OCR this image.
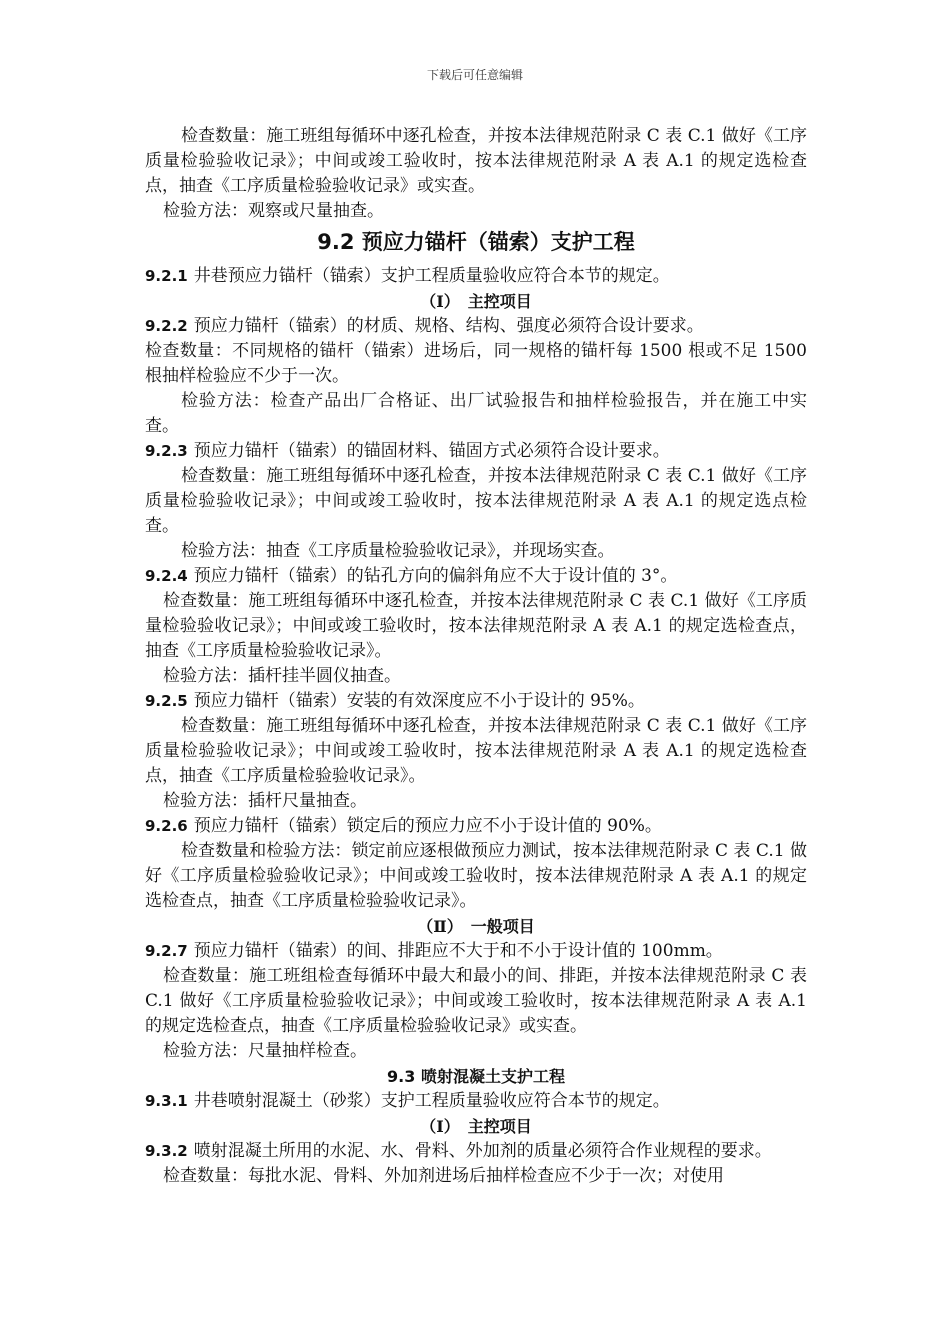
下载后可任意编辑

检查数量：施工班组每循环中逐孔检查，并按本法律规范附录 C 表 C.1 做好《工序质量检验验收记录》；中间或竣工验收时，按本法律规范附录 A 表 A.1 的规定选检查点，抽查《工序质量检验验收记录》或实查。

检验方法：观察或尺量抽查。

9.2 预应力锚杆（锚索）支护工程

9.2.1 井巷预应力锚杆（锚索）支护工程质量验收应符合本节的规定。

（Ⅰ）　主控项目

9.2.2 预应力锚杆（锚索）的材质、规格、结构、强度必须符合设计要求。

检查数量：不同规格的锚杆（锚索）进场后，同一规格的锚杆每 1500 根或不足 1500 根抽样检验应不少于一次。

检验方法：检查产品出厂合格证、出厂试验报告和抽样检验报告，并在施工中实查。

9.2.3 预应力锚杆（锚索）的锚固材料、锚固方式必须符合设计要求。

检查数量：施工班组每循环中逐孔检查，并按本法律规范附录 C 表 C.1 做好《工序质量检验验收记录》；中间或竣工验收时，按本法律规范附录 A 表 A.1 的规定选点检查。

检验方法：抽查《工序质量检验验收记录》，并现场实查。

9.2.4 预应力锚杆（锚索）的钻孔方向的偏斜角应不大于设计值的 3°。

检查数量：施工班组每循环中逐孔检查，并按本法律规范附录 C 表 C.1 做好《工序质量检验验收记录》；中间或竣工验收时，按本法律规范附录 A 表 A.1 的规定选检查点，抽查《工序质量检验验收记录》。

检验方法：插杆挂半圆仪抽查。

9.2.5 预应力锚杆（锚索）安装的有效深度应不小于设计的 95%。

检查数量：施工班组每循环中逐孔检查，并按本法律规范附录 C 表 C.1 做好《工序质量检验验收记录》；中间或竣工验收时，按本法律规范附录 A 表 A.1 的规定选检查点，抽查《工序质量检验验收记录》。

检验方法：插杆尺量抽查。

9.2.6 预应力锚杆（锚索）锁定后的预应力应不小于设计值的 90%。

检查数量和检验方法：锁定前应逐根做预应力测试，按本法律规范附录 C 表 C.1 做好《工序质量检验验收记录》；中间或竣工验收时，按本法律规范附录 A 表 A.1 的规定选检查点，抽查《工序质量检验验收记录》。

（Ⅱ）　一般项目

9.2.7 预应力锚杆（锚索）的间、排距应不大于和不小于设计值的 100mm。

检查数量：施工班组检查每循环中最大和最小的间、排距，并按本法律规范附录 C 表 C.1 做好《工序质量检验验收记录》；中间或竣工验收时，按本法律规范附录 A 表 A.1 的规定选检查点，抽查《工序质量检验验收记录》或实查。

检验方法：尺量抽样检查。

9.3 喷射混凝土支护工程

9.3.1 井巷喷射混凝土（砂浆）支护工程质量验收应符合本节的规定。

（Ⅰ）　主控项目

9.3.2 喷射混凝土所用的水泥、水、骨料、外加剂的质量必须符合作业规程的要求。

检查数量：每批水泥、骨料、外加剂进场后抽样检查应不少于一次；对使用
